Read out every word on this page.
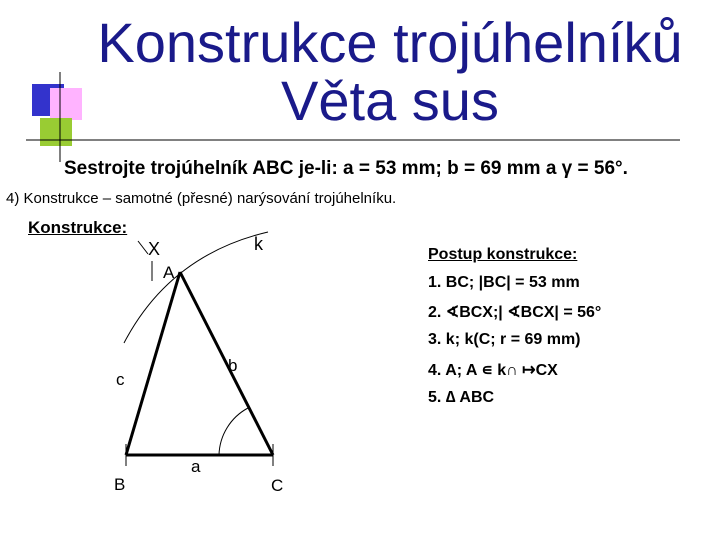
Konstrukce trojúhelníků
Věta sus
Sestrojte trojúhelník ABC je-li: a = 53 mm; b = 69 mm a γ = 56°.
4) Konstrukce – samotné (přesné) narýsování trojúhelníku.
Konstrukce:
X
A
k
b
c
a
B	C
Postup konstrukce:
1. BC; |BC| = 53 mm
2. ∢BCX;| ∢BCX| = 56°
3. k; k(C; r = 69 mm)
4. A; A ∊ k∩ ↦CX
5. ∆ ABC
